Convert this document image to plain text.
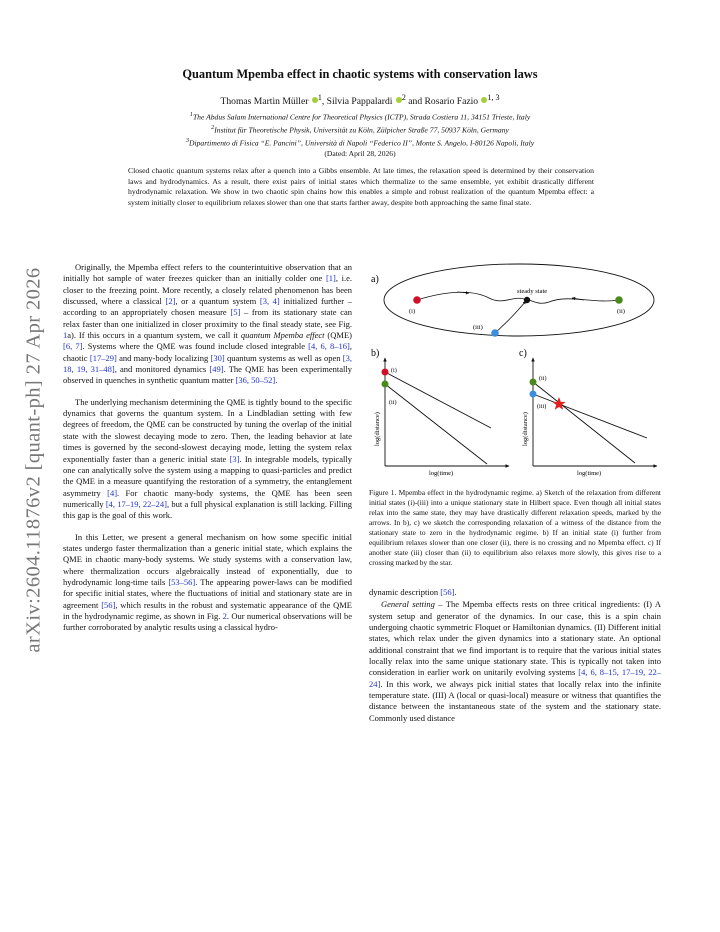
arXiv:2604.11876v2 [quant-ph] 27 Apr 2026
Quantum Mpemba effect in chaotic systems with conservation laws
Thomas Martin Müller $^1$, Silvia Pappalardi $^2$ and Rosario Fazio $^{1, 3}$
$^1$The Abdus Salam International Centre for Theoretical Physics (ICTP), Strada Costiera 11, 34151 Trieste, Italy
$^2$Institut für Theoretische Physik, Universität zu Köln, Zülpicher Straße 77, 50937 Köln, Germany
$^3$Dipartimento di Fisica “E. Pancini”, Università di Napoli “Federico II”, Monte S. Angelo, I-80126 Napoli, Italy
(Dated: April 28, 2026)
Closed chaotic quantum systems relax after a quench into a Gibbs ensemble. At late times, the relaxation speed is determined by their conservation laws and hydrodynamics. As a result, there exist pairs of initial states which thermalize to the same ensemble, yet exhibit drastically different hydrodynamic relaxation. We show in two chaotic spin chains how this enables a simple and robust realization of the quantum Mpemba effect: a system initially closer to equilibrium relaxes slower than one that starts farther away, despite both approaching the same final state.

Originally, the Mpemba effect refers to the counterintuitive observation that an initially hot sample of water freezes quicker than an initially colder one [1], i.e. closer to the freezing point. More recently, a closely related phenomenon has been discussed, where a classical [2], or a quantum system [3, 4] initialized further – according to an appropriately chosen measure [5] – from its stationary state can relax faster than one initialized in closer proximity to the final steady state, see Fig. 1a). If this occurs in a quantum system, we call it quantum Mpemba effect (QME) [6, 7]. Systems where the QME was found include closed integrable [4, 6, 8–16], chaotic [17–29] and many-body localizing [30] quantum systems as well as open [3, 18, 19, 31–48], and monitored dynamics [49]. The QME has been experimentally observed in quenches in synthetic quantum matter [36, 50–52].

The underlying mechanism determining the QME is tightly bound to the specific dynamics that governs the quantum system. In a Lindbladian setting with few degrees of freedom, the QME can be constructed by tuning the overlap of the initial state with the slowest decaying mode to zero. Then, the leading behavior at late times is governed by the second-slowest decaying mode, letting the system relax exponentially faster than a generic initial state [3]. In integrable models, typically one can analytically solve the system using a mapping to quasi-particles and predict the QME in a measure quantifying the restoration of a symmetry, the entanglement asymmetry [4]. For chaotic many-body systems, the QME has been seen numerically [4, 17–19, 22–24], but a full physical explanation is still lacking. Filling this gap is the goal of this work.

In this Letter, we present a general mechanism on how some specific initial states undergo faster thermalization than a generic initial state, which explains the QME in chaotic many-body systems. We study systems with a conservation law, where thermalization occurs algebraically instead of exponentially, due to hydrodynamic long-time tails [53–56]. The appearing power-laws can be modified for specific initial states, where the fluctuations of initial and stationary state are in agreement [56], which results in the robust and systematic appearance of the QME in the hydrodynamic regime, as shown in Fig. 2. Our numerical observations will be further corroborated by analytic results using a classical hydro-

a)
steady state
(i)	(ii)
(iii)
b)
(i)
(ii)
log(distance)
log(time)
c)
(ii)
(iii)
log(distance)
log(time)
Figure 1. Mpemba effect in the hydrodynamic regime. a) Sketch of the relaxation from different initial states (i)-(iii) into a unique stationary state in Hilbert space. Even though all initial states relax into the same state, they may have drastically different relaxation speeds, marked by the arrows. In b), c) we sketch the corresponding relaxation of a witness of the distance from the stationary state to zero in the hydrodynamic regime. b) If an initial state (i) further from equilibrium relaxes slower than one closer (ii), there is no crossing and no Mpemba effect. c) If another state (iii) closer than (ii) to equilibrium also relaxes more slowly, this gives rise to a crossing marked by the star.

dynamic description [56].

General setting – The Mpemba effects rests on three critical ingredients: (I) A system setup and generator of the dynamics. In our case, this is a spin chain undergoing chaotic symmetric Floquet or Hamiltonian dynamics. (II) Different initial states, which relax under the given dynamics into a stationary state. An optional additional constraint that we find important is to require that the various initial states locally relax into the same unique stationary state. This is typically not taken into consideration in earlier work on unitarily evolving systems [4, 6, 8–15, 17–19, 22–24]. In this work, we always pick initial states that locally relax into the infinite temperature state. (III) A (local or quasi-local) measure or witness that quantifies the distance between the instantaneous state of the system and the stationary state. Commonly used distance
